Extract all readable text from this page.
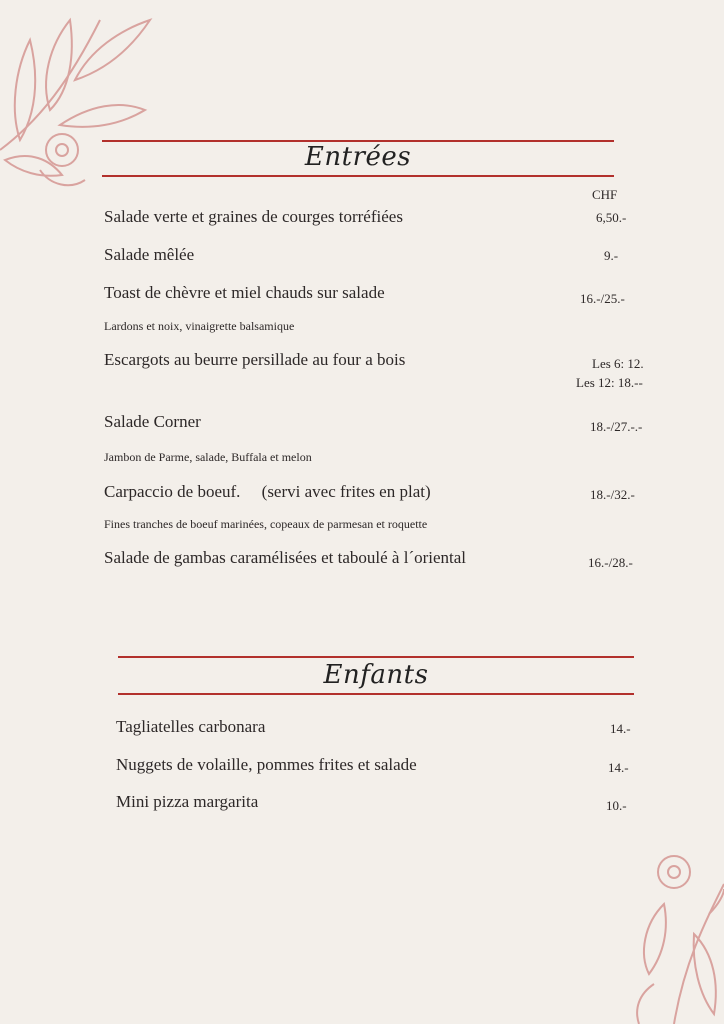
Entrées
CHF
Salade verte et graines de courges torréfiées	6,50.-
Salade mêlée	9.-
Toast de chèvre et miel chauds sur salade	16.-/25.-
Lardons et noix, vinaigrette balsamique
Escargots au beurre persillade au four a bois	Les 6: 12.
Les 12: 18.--
Salade Corner	18.-/27.-.-
Jambon de Parme, salade, Buffala et melon
Carpaccio de boeuf.     (servi avec frites en plat)	18.-/32.-
Fines tranches de boeuf marinées, copeaux de parmesan et roquette
Salade de gambas caramélisées et taboulé à l´oriental	16.-/28.-
Enfants
Tagliatelles carbonara	14.-
Nuggets de volaille, pommes frites et salade	14.-
Mini pizza margarita	10.-
